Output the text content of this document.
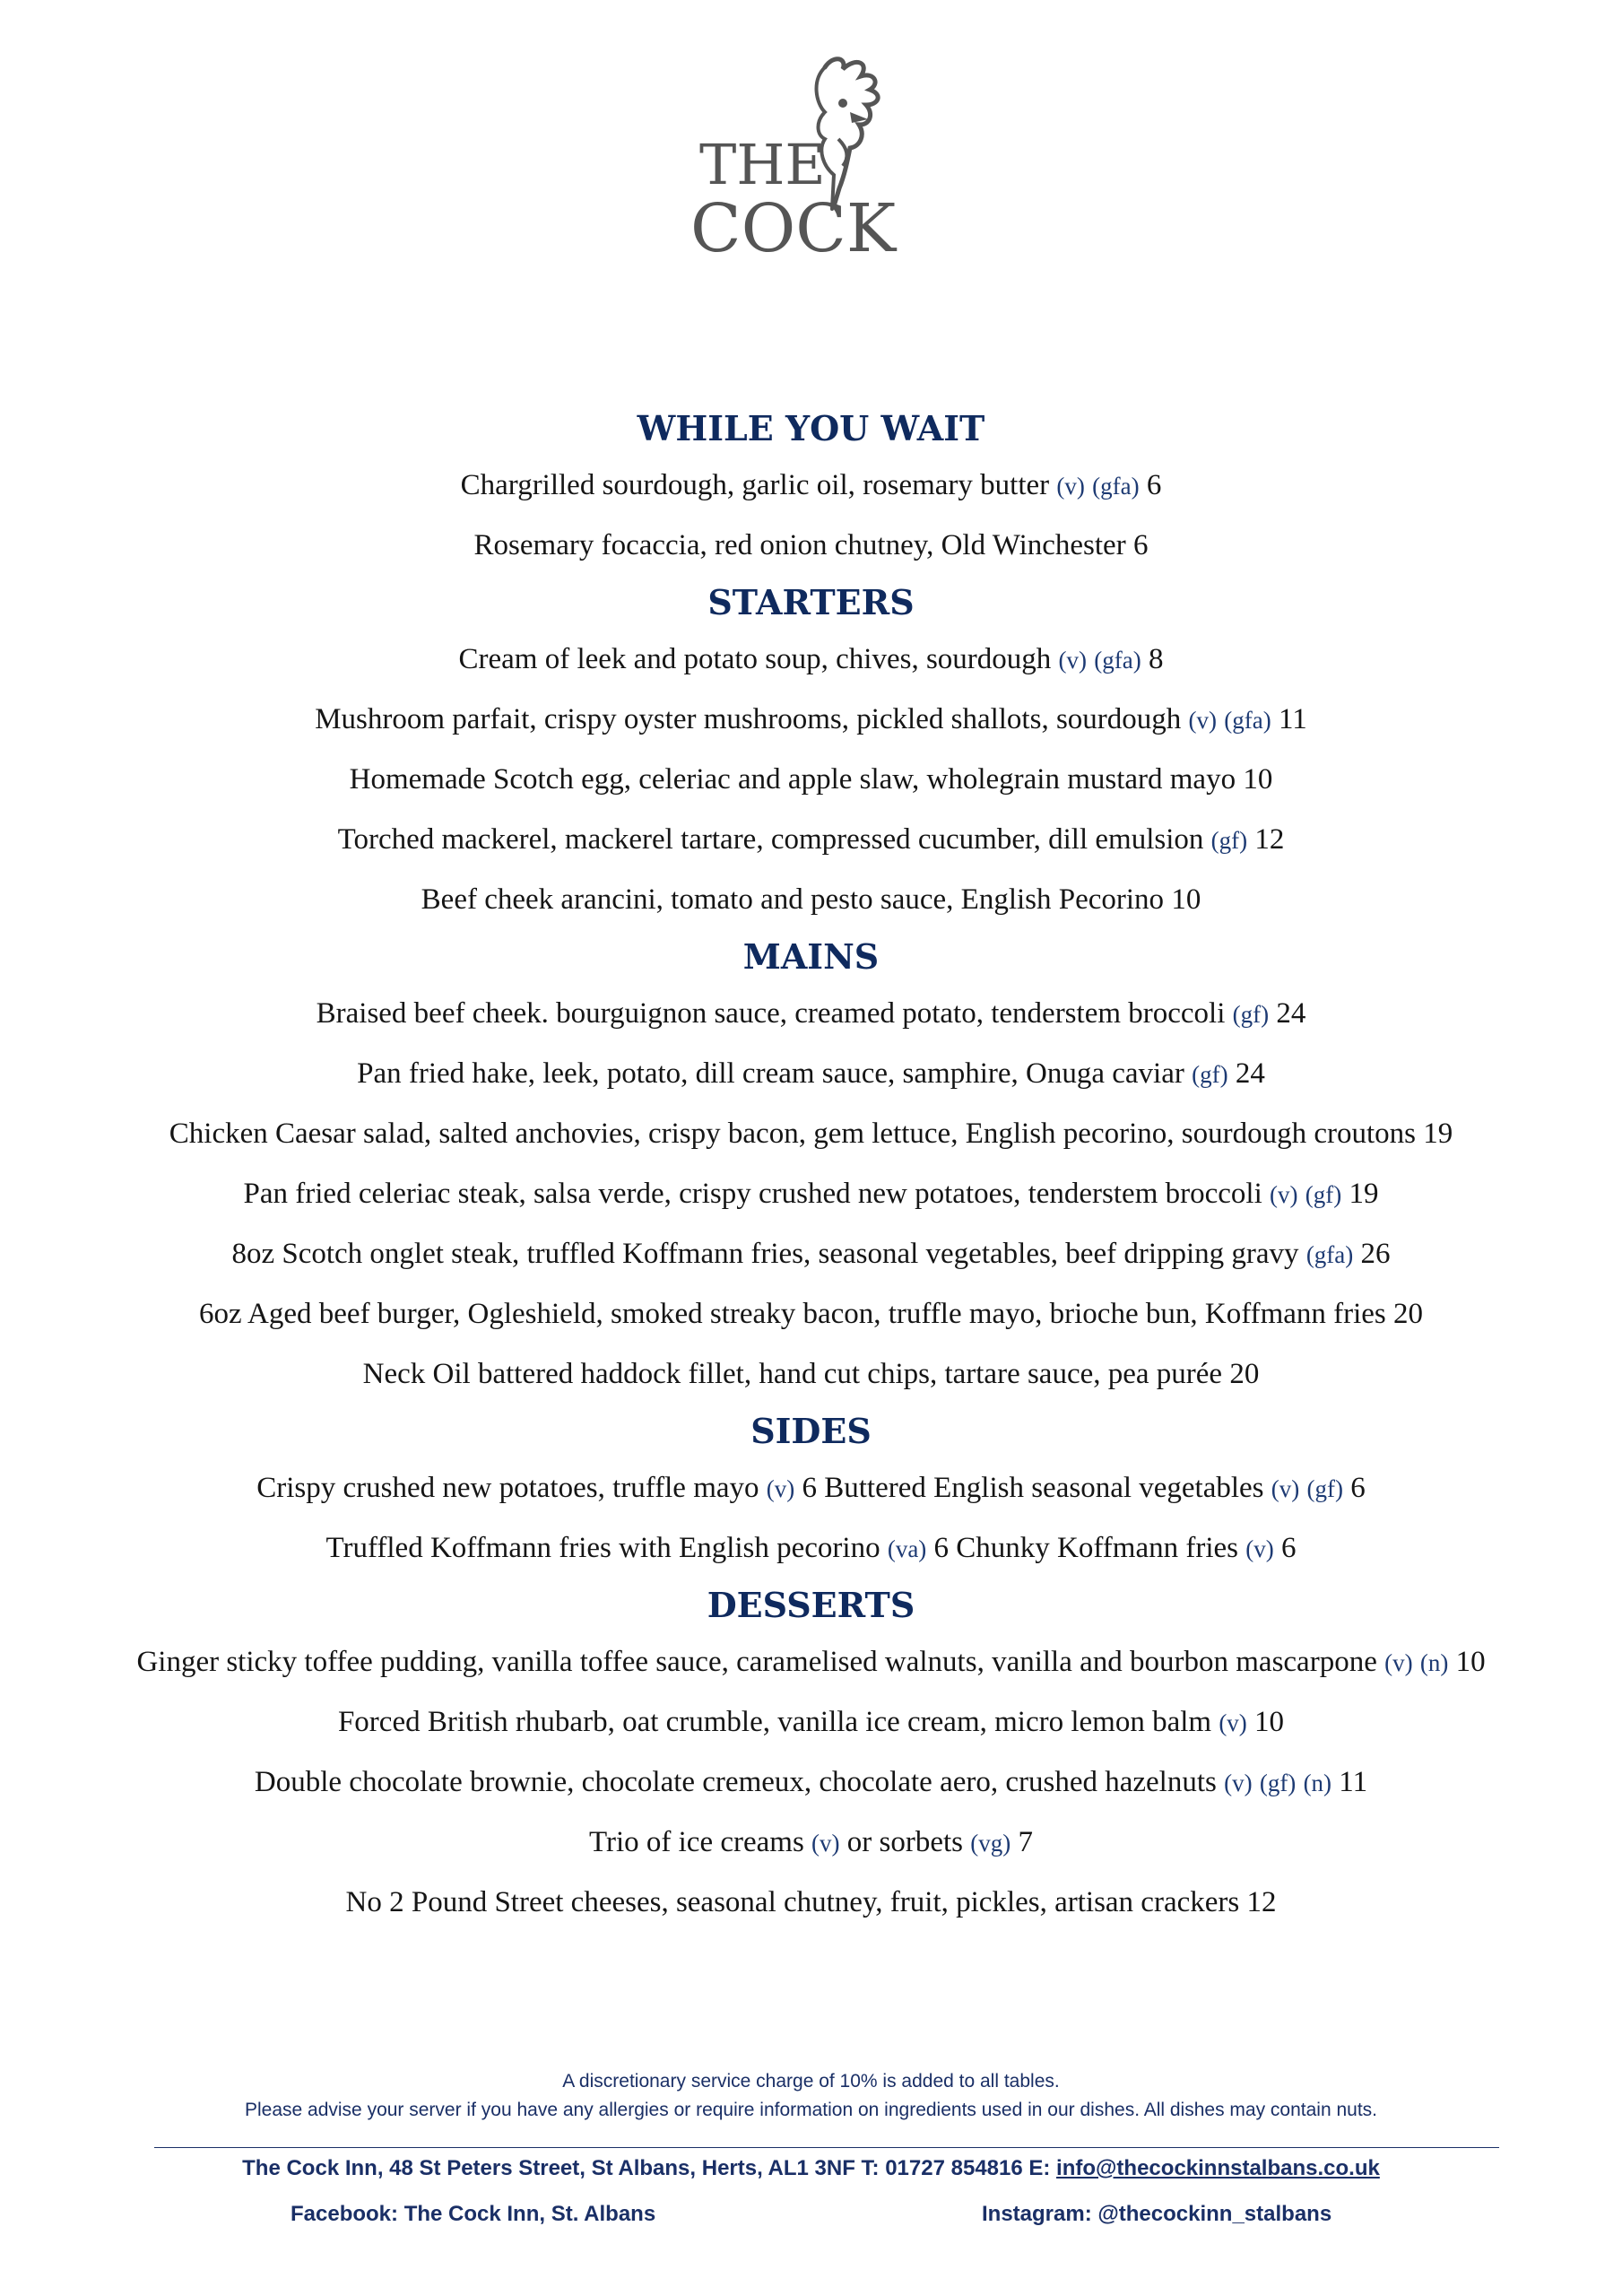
THE
COCK
WHILE YOU WAIT
Chargrilled sourdough, garlic oil, rosemary butter (v) (gfa) 6
Rosemary focaccia, red onion chutney, Old Winchester 6
STARTERS
Cream of leek and potato soup, chives, sourdough (v) (gfa) 8
Mushroom parfait, crispy oyster mushrooms, pickled shallots, sourdough (v) (gfa) 11
Homemade Scotch egg, celeriac and apple slaw, wholegrain mustard mayo 10
Torched mackerel, mackerel tartare, compressed cucumber, dill emulsion (gf) 12
Beef cheek arancini, tomato and pesto sauce, English Pecorino 10
MAINS
Braised beef cheek. bourguignon sauce, creamed potato, tenderstem broccoli (gf) 24
Pan fried hake, leek, potato, dill cream sauce, samphire, Onuga caviar (gf) 24
Chicken Caesar salad, salted anchovies, crispy bacon, gem lettuce, English pecorino, sourdough croutons 19
Pan fried celeriac steak, salsa verde, crispy crushed new potatoes, tenderstem broccoli (v) (gf) 19
8oz Scotch onglet steak, truffled Koffmann fries, seasonal vegetables, beef dripping gravy (gfa) 26
6oz Aged beef burger, Ogleshield, smoked streaky bacon, truffle mayo, brioche bun, Koffmann fries 20
Neck Oil battered haddock fillet, hand cut chips, tartare sauce, pea purée 20
SIDES
Crispy crushed new potatoes, truffle mayo (v) 6 Buttered English seasonal vegetables (v) (gf) 6
Truffled Koffmann fries with English pecorino (va) 6 Chunky Koffmann fries (v) 6
DESSERTS
Ginger sticky toffee pudding, vanilla toffee sauce, caramelised walnuts, vanilla and bourbon mascarpone (v) (n) 10
Forced British rhubarb, oat crumble, vanilla ice cream, micro lemon balm (v) 10
Double chocolate brownie, chocolate cremeux, chocolate aero, crushed hazelnuts (v) (gf) (n) 11
Trio of ice creams (v) or sorbets (vg) 7
No 2 Pound Street cheeses, seasonal chutney, fruit, pickles, artisan crackers 12
A discretionary service charge of 10% is added to all tables.
Please advise your server if you have any allergies or require information on ingredients used in our dishes. All dishes may contain nuts.
The Cock Inn, 48 St Peters Street, St Albans, Herts, AL1 3NF T: 01727 854816 E: info@thecockinnstalbans.co.uk
Facebook: The Cock Inn, St. Albans	Instagram: @thecockinn_stalbans
